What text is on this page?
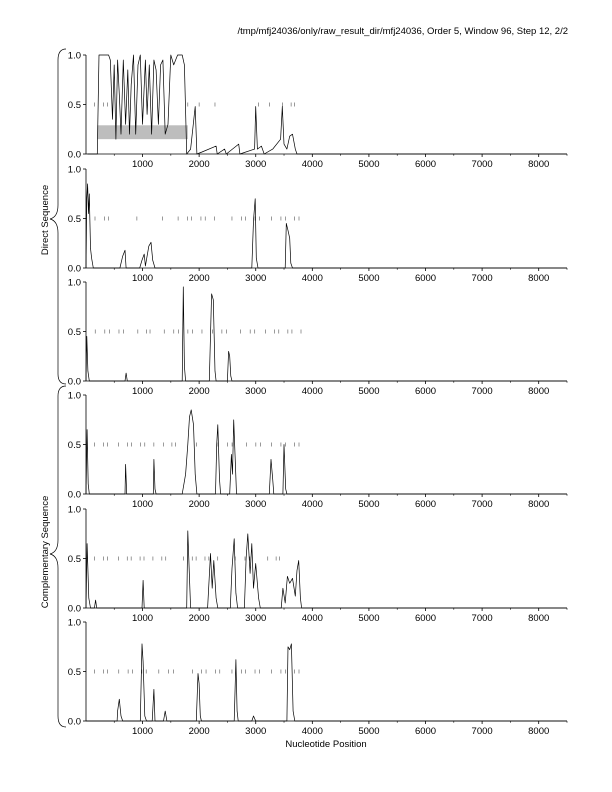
/tmp/mfj24036/only/raw_result_dir/mfj24036, Order 5, Window 96, Step 12, 2/2
Direct Sequence
Complementary Sequence
0.0
0.5
1.0
1000	2000	3000	4000	5000	6000	7000	8000
0.0
0.5
1.0
1000	2000	3000	4000	5000	6000	7000	8000
0.0
0.5
1.0
1000	2000	3000	4000	5000	6000	7000	8000
0.0
0.5
1.0
1000	2000	3000	4000	5000	6000	7000	8000
0.0
0.5
1.0
1000	2000	3000	4000	5000	6000	7000	8000
0.0
0.5
1.0
1000	2000	3000	4000	5000	6000	7000	8000
Nucleotide Position
